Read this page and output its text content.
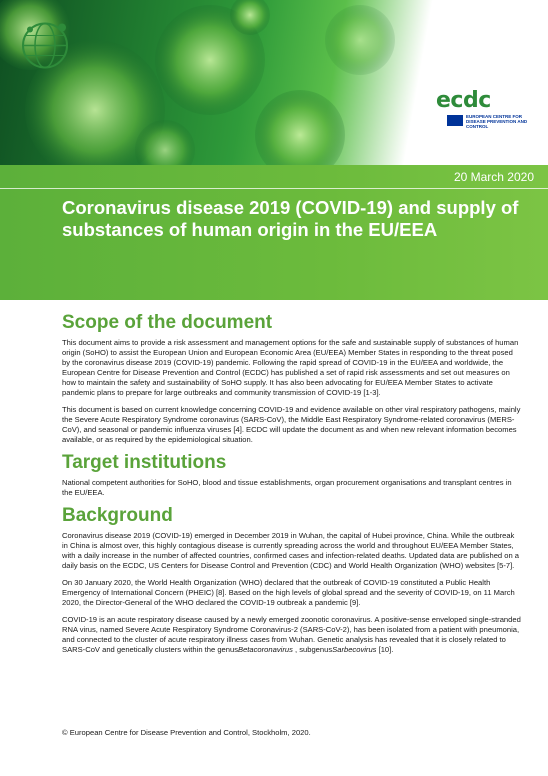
ecdc
EUROPEAN CENTRE FOR DISEASE PREVENTION AND CONTROL
20 March 2020
Coronavirus disease 2019 (COVID-19) and supply of substances of human origin in the EU/EEA
Scope of the document

This document aims to provide a risk assessment and management options for the safe and sustainable supply of substances of human origin (SoHO) to assist the European Union and European Economic Area (EU/EEA) Member States in responding to the threat posed by the coronavirus disease 2019 (COVID-19) pandemic. Following the rapid spread of COVID-19 in the EU/EEA and worldwide, the European Centre for Disease Prevention and Control (ECDC) has published a set of rapid risk assessments and set out measures on how to maintain the safety and sustainability of SoHO supply. It has also been advocating for EU/EEA Member States to activate pandemic plans to prepare for large outbreaks and community transmission of COVID-19 [1-3].

This document is based on current knowledge concerning COVID-19 and evidence available on other viral respiratory pathogens, mainly the Severe Acute Respiratory Syndrome coronavirus (SARS-CoV), the Middle East Respiratory Syndrome-related coronavirus (MERS-CoV), and seasonal or pandemic influenza viruses [4]. ECDC will update the document as and when new relevant information becomes available, or as required by the epidemiological situation.

Target institutions

National competent authorities for SoHO, blood and tissue establishments, organ procurement organisations and transplant centres in the EU/EEA.

Background

Coronavirus disease 2019 (COVID-19) emerged in December 2019 in Wuhan, the capital of Hubei province, China. While the outbreak in China is almost over, this highly contagious disease is currently spreading across the world and throughout EU/EEA Member States, with a daily increase in the number of affected countries, confirmed cases and infection-related deaths. Updated data are published on a daily basis on the ECDC, US Centers for Disease Control and Prevention (CDC) and World Health Organization (WHO) websites [5-7].

On 30 January 2020, the World Health Organization (WHO) declared that the outbreak of COVID-19 constituted a Public Health Emergency of International Concern (PHEIC) [8]. Based on the high levels of global spread and the severity of COVID-19, on 11 March 2020, the Director-General of the WHO declared the COVID-19 outbreak a pandemic [9].

COVID-19 is an acute respiratory disease caused by a newly emerged zoonotic coronavirus. A positive-sense enveloped single-stranded RNA virus, named Severe Acute Respiratory Syndrome Coronavirus-2 (SARS-CoV-2), has been isolated from a patient with pneumonia, and connected to the cluster of acute respiratory illness cases from Wuhan. Genetic analysis has revealed that it is closely related to SARS-CoV and genetically clusters within the genusBetacoronavirus , subgenusSarbecovirus [10].

© European Centre for Disease Prevention and Control, Stockholm, 2020.
